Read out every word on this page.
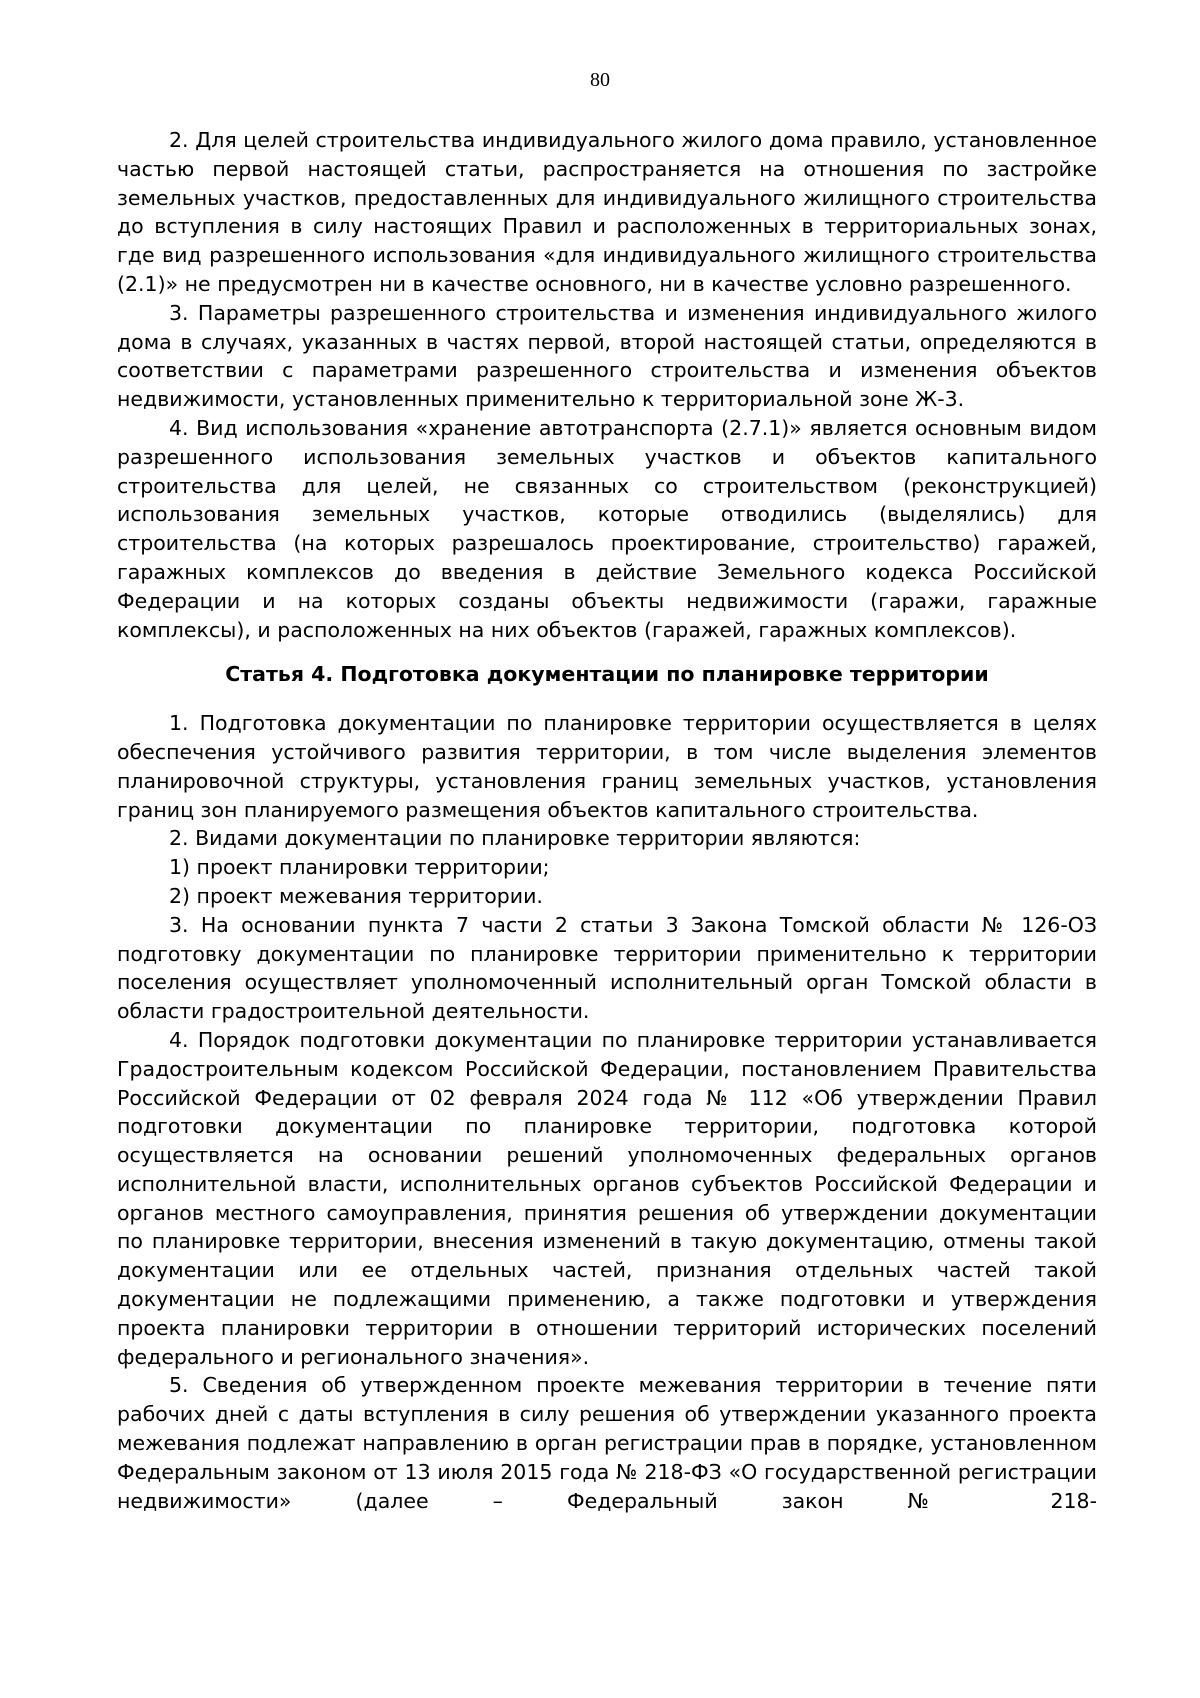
80

2. Для целей строительства индивидуального жилого дома правило, установленное частью первой настоящей статьи, распространяется на отношения по застройке земельных участков, предоставленных для индивидуального жилищного строительства до вступления в силу настоящих Правил и расположенных в территориальных зонах, где вид разрешенного использования «для индивидуального жилищного строительства (2.1)» не предусмотрен ни в качестве основного, ни в качестве условно разрешенного.

3. Параметры разрешенного строительства и изменения индивидуального жилого дома в случаях, указанных в частях первой, второй настоящей статьи, определяются в соответствии с параметрами разрешенного строительства и изменения объектов недвижимости, установленных применительно к территориальной зоне Ж-3.

4. Вид использования «хранение автотранспорта (2.7.1)» является основным видом разрешенного использования земельных участков и объектов капитального строительства для целей, не связанных со строительством (реконструкцией) использования земельных участков, которые отводились (выделялись) для строительства (на которых разрешалось проектирование, строительство) гаражей, гаражных комплексов до введения в действие Земельного кодекса Российской Федерации и на которых созданы объекты недвижимости (гаражи, гаражные комплексы), и расположенных на них объектов (гаражей, гаражных комплексов).

Статья 4. Подготовка документации по планировке территории

1. Подготовка документации по планировке территории осуществляется в целях обеспечения устойчивого развития территории, в том числе выделения элементов планировочной структуры, установления границ земельных участков, установления границ зон планируемого размещения объектов капитального строительства.

2. Видами документации по планировке территории являются:

1) проект планировки территории;

2) проект межевания территории.

3. На основании пункта 7 части 2 статьи 3 Закона Томской области № 126-ОЗ подготовку документации по планировке территории применительно к территории поселения осуществляет уполномоченный исполнительный орган Томской области в области градостроительной деятельности.

4. Порядок подготовки документации по планировке территории устанавливается Градостроительным кодексом Российской Федерации, постановлением Правительства Российской Федерации от 02 февраля 2024 года № 112 «Об утверждении Правил подготовки документации по планировке территории, подготовка которой осуществляется на основании решений уполномоченных федеральных органов исполнительной власти, исполнительных органов субъектов Российской Федерации и органов местного самоуправления, принятия решения об утверждении документации по планировке территории, внесения изменений в такую документацию, отмены такой документации или ее отдельных частей, признания отдельных частей такой документации не подлежащими применению, а также подготовки и утверждения проекта планировки территории в отношении территорий исторических поселений федерального и регионального значения».

5. Сведения об утвержденном проекте межевания территории в течение пяти рабочих дней с даты вступления в силу решения об утверждении указанного проекта межевания подлежат направлению в орган регистрации прав в порядке, установленном Федеральным законом от 13 июля 2015 года № 218-ФЗ «О государственной регистрации недвижимости» (далее – Федеральный закон № 218-
